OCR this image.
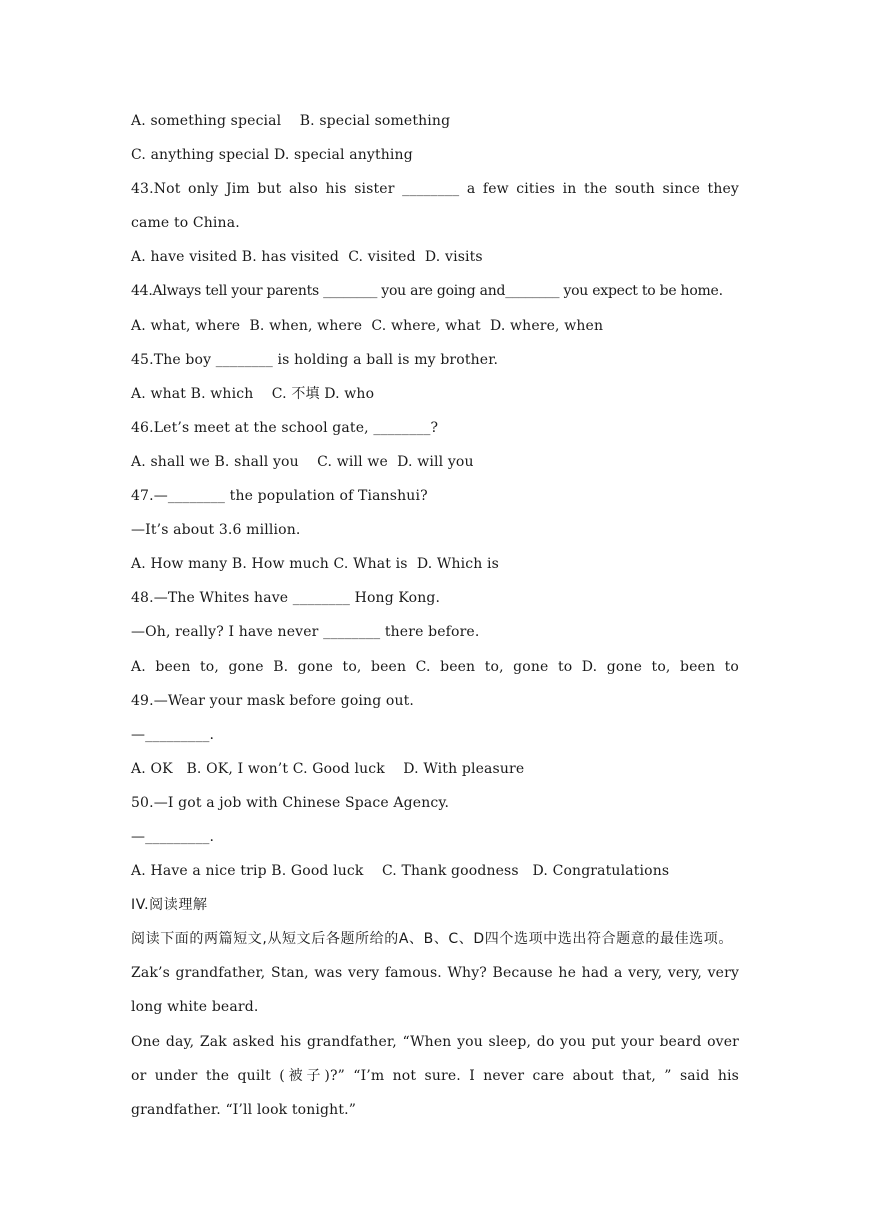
A. something special    B. special something
C. anything special D. special anything
43.Not only Jim but also his sister ________ a few cities in the south since they
came to China.
A. have visited B. has visited  C. visited  D. visits
44.Always tell your parents ________ you are going and________ you expect to be home.
A. what, where  B. when, where  C. where, what  D. where, when
45.The boy ________ is holding a ball is my brother.
A. what B. which    C. 不填 D. who
46.Let’s meet at the school gate, ________?
A. shall we B. shall you    C. will we  D. will you
47.—________ the population of Tianshui?
—It’s about 3.6 million.
A. How many B. How much C. What is  D. Which is
48.—The Whites have ________ Hong Kong.
—Oh, really? I have never ________ there before.
A. been to, gone B. gone to, been C. been to, gone to D. gone to, been to
49.—Wear your mask before going out.
—_________.
A. OK   B. OK, I won’t C. Good luck    D. With pleasure
50.—I got a job with Chinese Space Agency.
—_________.
A. Have a nice trip B. Good luck    C. Thank goodness   D. Congratulations
IV.阅读理解
阅读下面的两篇短文,从短文后各题所给的A、B、C、D四个选项中选出符合题意的最佳选项。
Zak’s grandfather, Stan, was very famous. Why? Because he had a very, very, very
long white beard.
One day, Zak asked his grandfather, “When you sleep, do you put your beard over
or under the quilt (被子)?” “I’m not sure. I never care about that, ” said his
grandfather. “I’ll look tonight.”
